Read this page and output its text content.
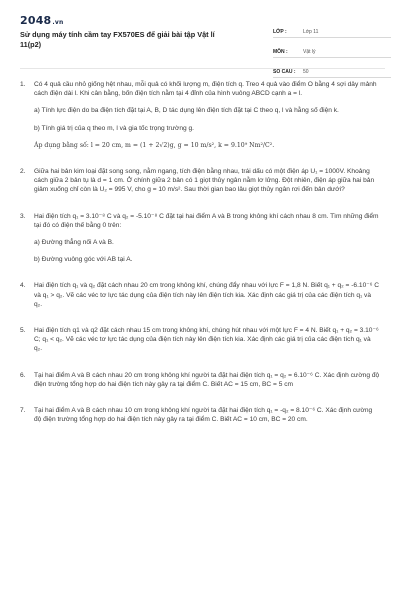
2048.vn
Sử dụng máy tính cầm tay FX570ES để giải bài tập Vật lí 11(p2)
LỚP :	Lớp 11
MÔN :	Vật lý
SỐ CÂU :	50
1. Có 4 quả cầu nhỏ giống hệt nhau, mỗi quả có khối lượng m, điện tích q. Treo 4 quả vào điểm O bằng 4 sợi dây mảnh cách điện dài l. Khi cân bằng, bốn điện tích nằm tại 4 đỉnh của hình vuông ABCD cạnh a = l.
a) Tính lực điện do ba điện tích đặt tại A, B, D tác dụng lên điện tích đặt tại C theo q, l và hằng số điện k.
b) Tính giá trị của q theo m, l và gia tốc trọng trường g.
Áp dụng bằng số: l = 20 cm, m = (1 + 2√2)g, g = 10 m/s², k = 9.10⁹ Nm²/C².
2. Giữa hai bản kim loại đặt song song, nằm ngang, tích điện bằng nhau, trái dấu có một điện áp U₁ = 1000V. Khoảng cách giữa 2 bản tụ là d = 1 cm. Ở chính giữa 2 bản có 1 giọt thủy ngân nằm lơ lửng. Đột nhiên, điện áp giữa hai bản giảm xuống chỉ còn là U₂ = 995 V, cho g = 10 m/s². Sau thời gian bao lâu giọt thủy ngân rơi đến bản dưới?
3. Hai điện tích q₁ = 3.10⁻⁸ C và q₂ = -5.10⁻⁸ C đặt tại hai điểm A và B trong không khí cách nhau 8 cm. Tìm những điểm tại đó có điện thế bằng 0 trên:
a) Đường thẳng nối A và B.
b) Đường vuông góc với AB tại A.
4. Hai điện tích q₁ và q₂ đặt cách nhau 20 cm trong không khí, chúng đẩy nhau với lực F = 1,8 N. Biết q₁ + q₂ = -6.10⁻⁶ C và q₁ > q₂. Vẽ các véc tơ lực tác dụng của điện tích này lên điện tích kia. Xác định các giá trị của các điện tích q₁ và q₂.
5. Hai điện tích q1 và q2 đặt cách nhau 15 cm trong không khí, chúng hút nhau với một lực F = 4 N. Biết q₁ + q₂ = 3.10⁻⁶ C; q₁ < q₂. Vẽ các véc tơ lực tác dụng của điện tích này lên điện tích kia. Xác định các giá trị của các điện tích q₁ và q₂.
6. Tại hai điểm A và B cách nhau 20 cm trong không khí người ta đặt hai điện tích q₁ = q₂ = 6.10⁻⁶ C. Xác định cường độ điện trường tổng hợp do hai điện tích này gây ra tại điểm C. Biết AC = 15 cm, BC = 5 cm
7. Tại hai điểm A và B cách nhau 10 cm trong không khí người ta đặt hai điện tích q₁ = -q₂ = 8.10⁻⁶ C. Xác định cường độ điện trường tổng hợp do hai điện tích này gây ra tại điểm C. Biết AC = 10 cm, BC = 20 cm.
